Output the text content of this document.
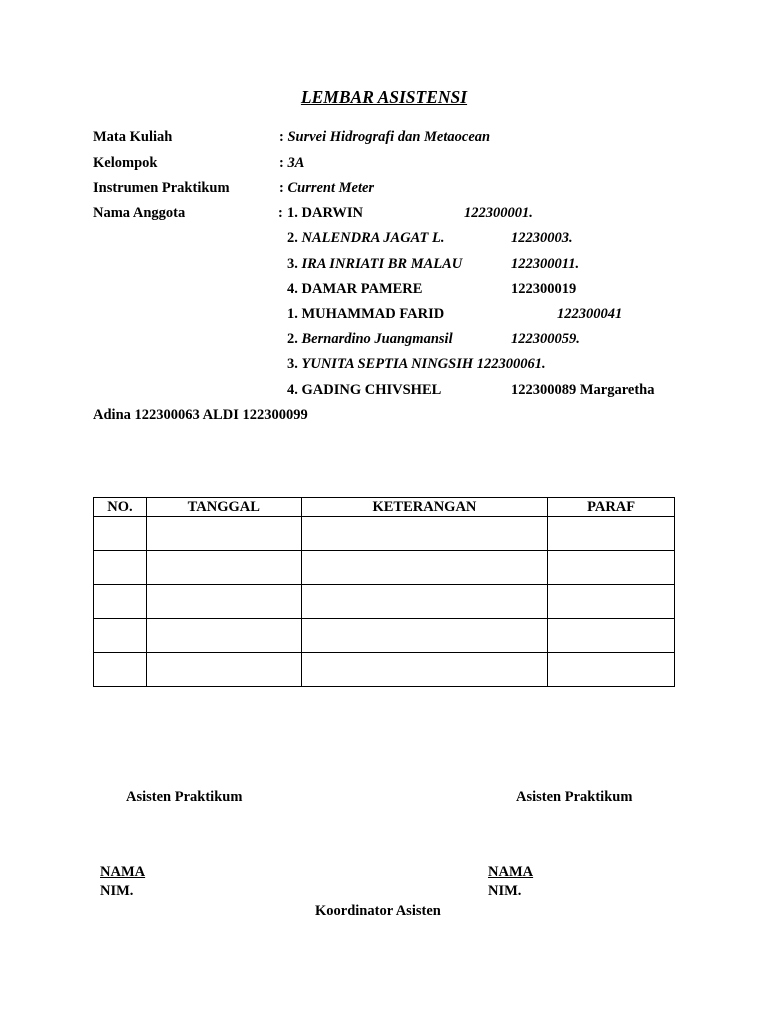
LEMBAR ASISTENSI
Mata Kuliah	: Survei Hidrografi dan Metaocean
Kelompok	: 3A
Instrumen Praktikum	: Current Meter
Nama Anggota	: 1. DARWIN	122300001.
2. NALENDRA JAGAT L.	12230003.
3. IRA INRIATI BR MALAU	122300011.
4. DAMAR PAMERE	122300019
1. MUHAMMAD FARID	122300041
2. Bernardino Juangmansil	122300059.
3. YUNITA SEPTIA NINGSIH 122300061.
4. GADING CHIVSHEL	122300089 Margaretha
Adina 122300063 ALDI 122300099
NO.	TANGGAL	KETERANGAN	PARAF

Asisten Praktikum	Asisten Praktikum
NAMA
NIM.
NAMA
NIM.
Koordinator Asisten
